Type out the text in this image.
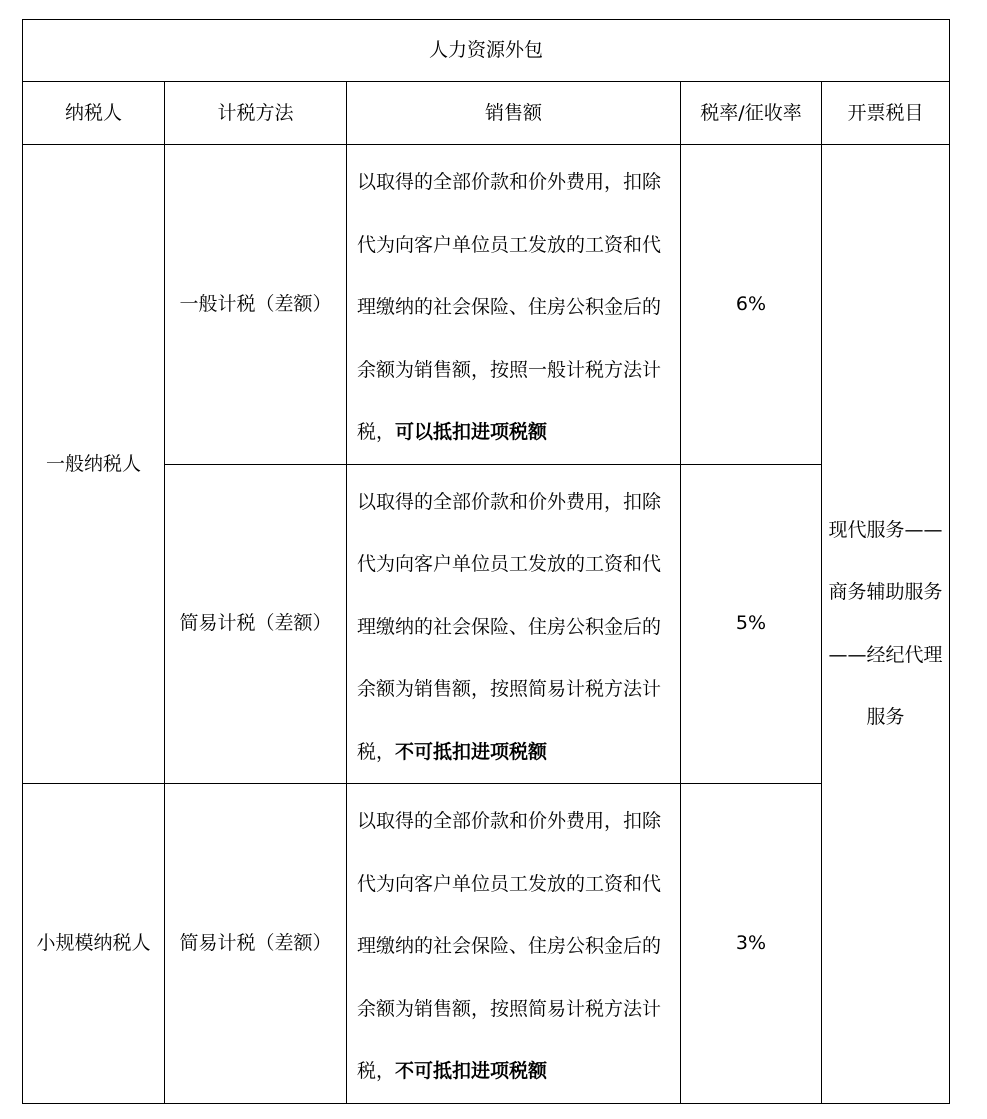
人力资源外包				
纳税人	计税方法	销售额	税率/征收率	开票税目
一般纳税人	一般计税（差额）	以取得的全部价款和价外费用，扣除代为向客户单位员工发放的工资和代理缴纳的社会保险、住房公积金后的余额为销售额，按照一般计税方法计税，可以抵扣进项税额	6%	现代服务——商务辅助服务——经纪代理服务
	简易计税（差额）	以取得的全部价款和价外费用，扣除代为向客户单位员工发放的工资和代理缴纳的社会保险、住房公积金后的余额为销售额，按照简易计税方法计税，不可抵扣进项税额	5%	
小规模纳税人	简易计税（差额）	以取得的全部价款和价外费用，扣除代为向客户单位员工发放的工资和代理缴纳的社会保险、住房公积金后的余额为销售额，按照简易计税方法计税，不可抵扣进项税额	3%	
